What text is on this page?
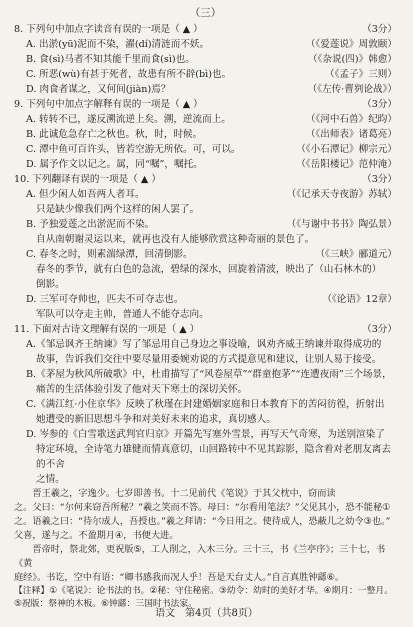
（三）
8. 下列句中加点字读音有误的一项是（ ▲ ）	（3分）
A. 出淤(yū)泥而不染，濯(dí)清涟而不妖。	（《爱莲说》周敦颐）
B. 食(sì)马者不知其能千里而食(sì)也。	（《杂说(四)》韩愈）
C. 所恶(wù)有甚于死者，故患有所不辟(bì)也。	（《孟子》三则）
D. 肉食者谋之，又何间(jiàn)焉？	（《左传·曹刿论战》）
9. 下列句中加点字解释有误的一项是（ ▲ ）	（3分）
A. 转转不已，遂反溯流逆上矣。溯，逆流而上。	（《河中石兽》纪昀）
B. 此诚危急存亡之秋也。秋，时，时候。	（《出师表》诸葛亮）
C. 潭中鱼可百许头，皆若空游无所依。可，可以。	（《小石潭记》柳宗元）
D. 属予作文以记之。属，同“嘱”，嘱托。	（《岳阳楼记》范仲淹）
10. 下列翻译有误的一项是（ ▲ ）	（3分）
A. 但少闲人如吾两人者耳。	（《记承天寺夜游》苏轼）
只是缺少像我们两个这样的闲人罢了。
B. 予独爱莲之出淤泥而不染。	（《与谢中书书》陶弘景）
自从南朝谢灵运以来，就再也没有人能够欣赏这种奇丽的景色了。
C. 春冬之时，则素湍绿潭，回清倒影。	（《三峡》郦道元）
春冬的季节，就有白色的急流，碧绿的深水，回旋着清波，映出了（山石林木的）
倒影。
D. 三军可夺帅也，匹夫不可夺志也。	（《论语》12章）
军队可以夺走主帅，普通人不能夺志向。
11. 下面对古诗文理解有误的一项是（ ▲ ）	（3分）
A.《邹忌讽齐王纳谏》写了邹忌用自己身边之事设喻，讽劝齐威王纳谏并取得成功的
故事，告诉我们交往中要尽量用委婉劝说的方式提意见和建议，让别人易于接受。
B.《茅屋为秋风所破歌》中，杜甫描写了“风卷屋草”“群童抱茅”“连遭夜雨”三个场景，
痛苦的生活体验引发了他对天下寒士的深切关怀。
C.《满江红·小住京华》反映了秋瑾在封建婚姻家庭和日本教育下的苦闷彷徨，折射出
她遭受的新旧思想斗争和对美好未来的追求，真切感人。
D. 岑参的《白雪歌送武判官归京》开篇先写塞外雪景，再写天气奇寒，为送别渲染了
特定环境，全诗笔力雄健而情真意切，山回路转中不见其踪影，隐含着对老朋友离去的不舍
之情。
晋王羲之，字逸少。七岁即善书。十二见前代《笔说》于其父枕中，窃而读
之。父曰：“尔何来窃吾所秘？”羲之笑而不答。母曰：“尔看用笔法？”父见其小，恐不能秘①
之。语羲之曰：“待尔成人，吾授也。”羲之拜请：“今日用之。使待成人，恐蔽儿之幼令③也。”
父喜，遂与之。不盈期月④，书便大进。
晋帝时，祭北郊，更祝版⑤，工人削之，入木三分。三十三，书《兰亭序》；三十七，书《黄
庭经》。书讫，空中有语：“卿书感我而况人乎！吾是天台丈人。”自言真胜钟繇⑥。
【注释】①《笔说》：论书法的书。②秘：守住秘密。③幼令：幼时的美好才华。④期月：一整月。⑤祝版：祭神的木板。⑥钟繇：三国时书法家。
语文　第4页（共8页）
